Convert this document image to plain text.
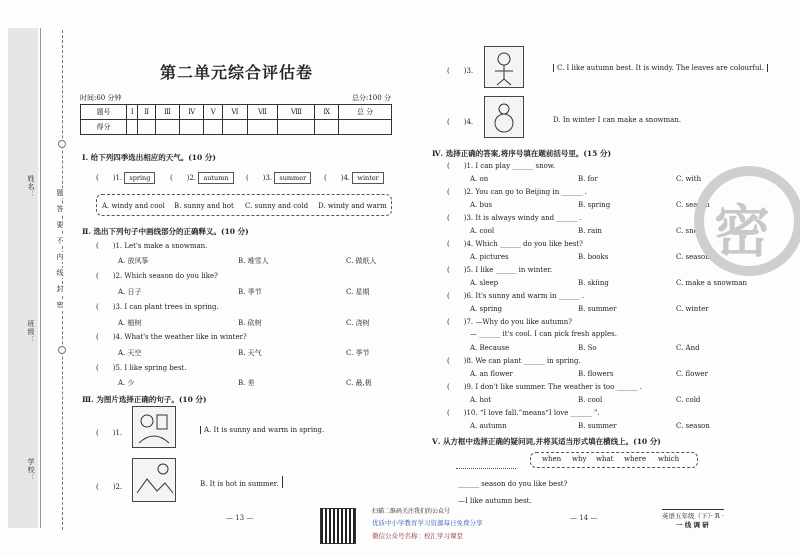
姓名：
班级：
学校：
题
答
要
不
内
线
封
密
第二单元综合评估卷
时间:60 分钟	总分:100 分
题号	Ⅰ	Ⅱ	Ⅲ	Ⅳ	Ⅴ	Ⅵ	Ⅶ	Ⅷ	Ⅸ	总 分
得分										
Ⅰ. 给下列四季选出相应的天气。(10 分)
(　　)1. spring	(　　)2. autumn	(　　)3. summer	(　　)4. winter
A. windy and cool B. sunny and hot C. sunny and cold D. windy and warm
Ⅱ. 选出下列句子中画线部分的正确释义。(10 分)
(　　)1. Let's make a snowman.
A. 放风筝	B. 堆雪人	C. 做纸人
(　　)2. Which season do you like?
A. 日子	B. 季节	C. 星期
(　　)3. I can plant trees in spring.
A. 植树	B. 砍树	C. 浇树
(　　)4. What's the weather like in winter?
A. 天空	B. 天气	C. 季节
(　　)5. I like spring best.
A. 少	B. 差	C. 最,极
Ⅲ. 为图片选择正确的句子。(10 分)
(　　)1.	A. It is sunny and warm in spring.
(　　)2.	B. It is hot in summer.
— 13 —
(　　)3.	C. I like autumn best. It is windy. The leaves are colourful.
(　　)4.	D. In winter I can make a snowman.
Ⅳ. 选择正确的答案,将序号填在题前括号里。(15 分)
(　　)1. I can play ______ snow.
A. on	B. for	C. with
(　　)2. You can go to Beijing in ______ .
A. bus	B. spring	C. season
(　　)3. It is always windy and ______ .
A. cool	B. rain	C. snow
(　　)4. Which ______ do you like best?
A. pictures	B. books	C. season
(　　)5. I like ______ in winter.
A. sleep	B. skiing	C. make a snowman
(　　)6. It's sunny and warm in ______ .
A. spring	B. summer	C. winter
(　　)7. —Why do you like autumn?
— ______ it's cool. I can pick fresh apples.
A. Because	B. So	C. And
(　　)8. We can plant ______ in spring.
A. an flower	B. flowers	C. flower
(　　)9. I don't like summer. The weather is too ______ .
A. hot	B. cool	C. cold
(　　)10. “I love fall.”means“I love ______ ”.
A. autumn	B. summer	C. season
Ⅴ. 从方框中选择正确的疑问词,并将其适当形式填在横线上。(10 分)
when why what where which
______ season do you like best?
—I like autumn best.
— 14 —
密
扫描二维码关注我们的公众号
优质中小学教育学习资源每日免费分享
微信公众号名称：校汇学习课堂
英语五年级（下）· R ·
一 线 调 研
